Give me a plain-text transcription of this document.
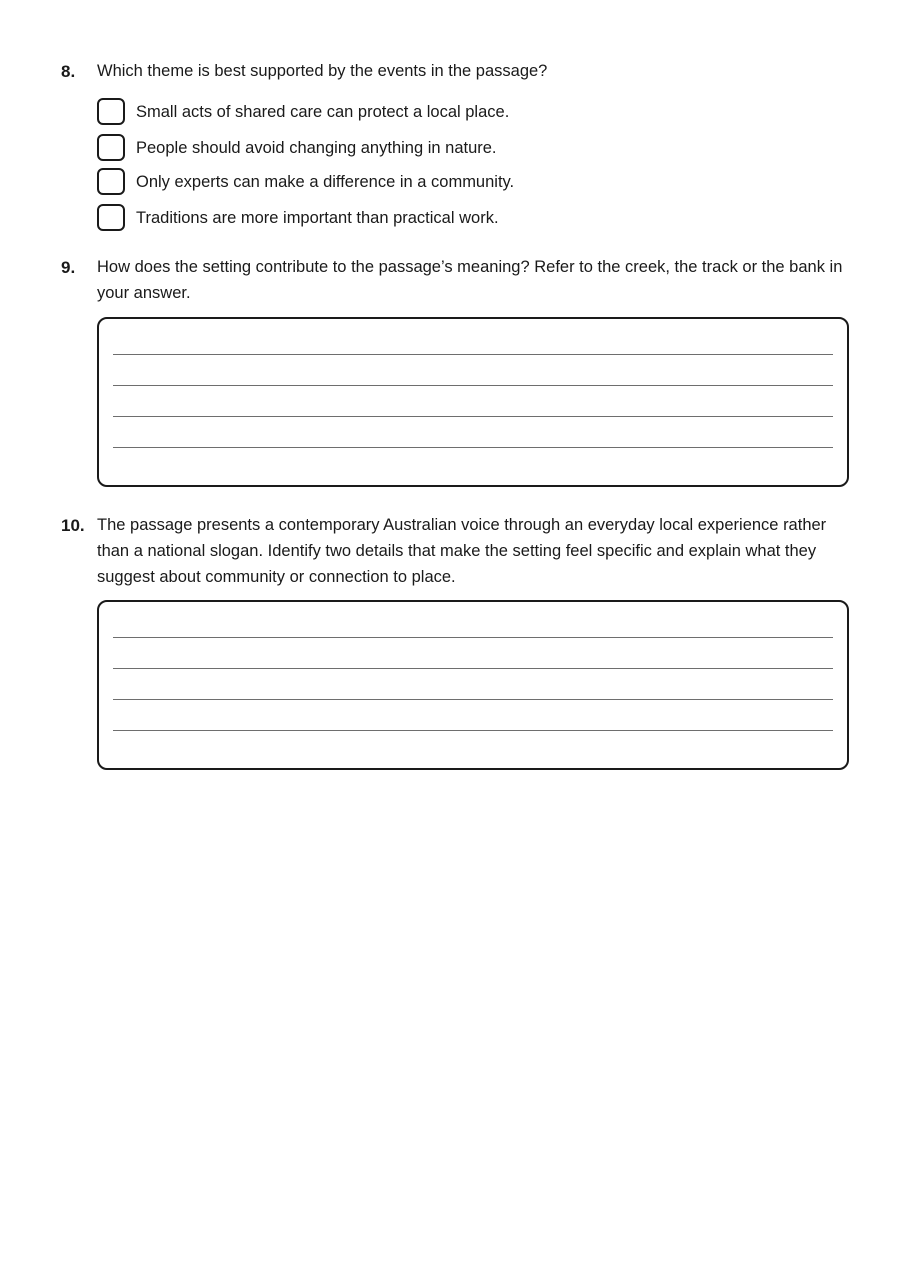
8. Which theme is best supported by the events in the passage?
Small acts of shared care can protect a local place.
People should avoid changing anything in nature.
Only experts can make a difference in a community.
Traditions are more important than practical work.
9. How does the setting contribute to the passage’s meaning? Refer to the creek, the track or the bank in your answer.
10. The passage presents a contemporary Australian voice through an everyday local experience rather than a national slogan. Identify two details that make the setting feel specific and explain what they suggest about community or connection to place.
